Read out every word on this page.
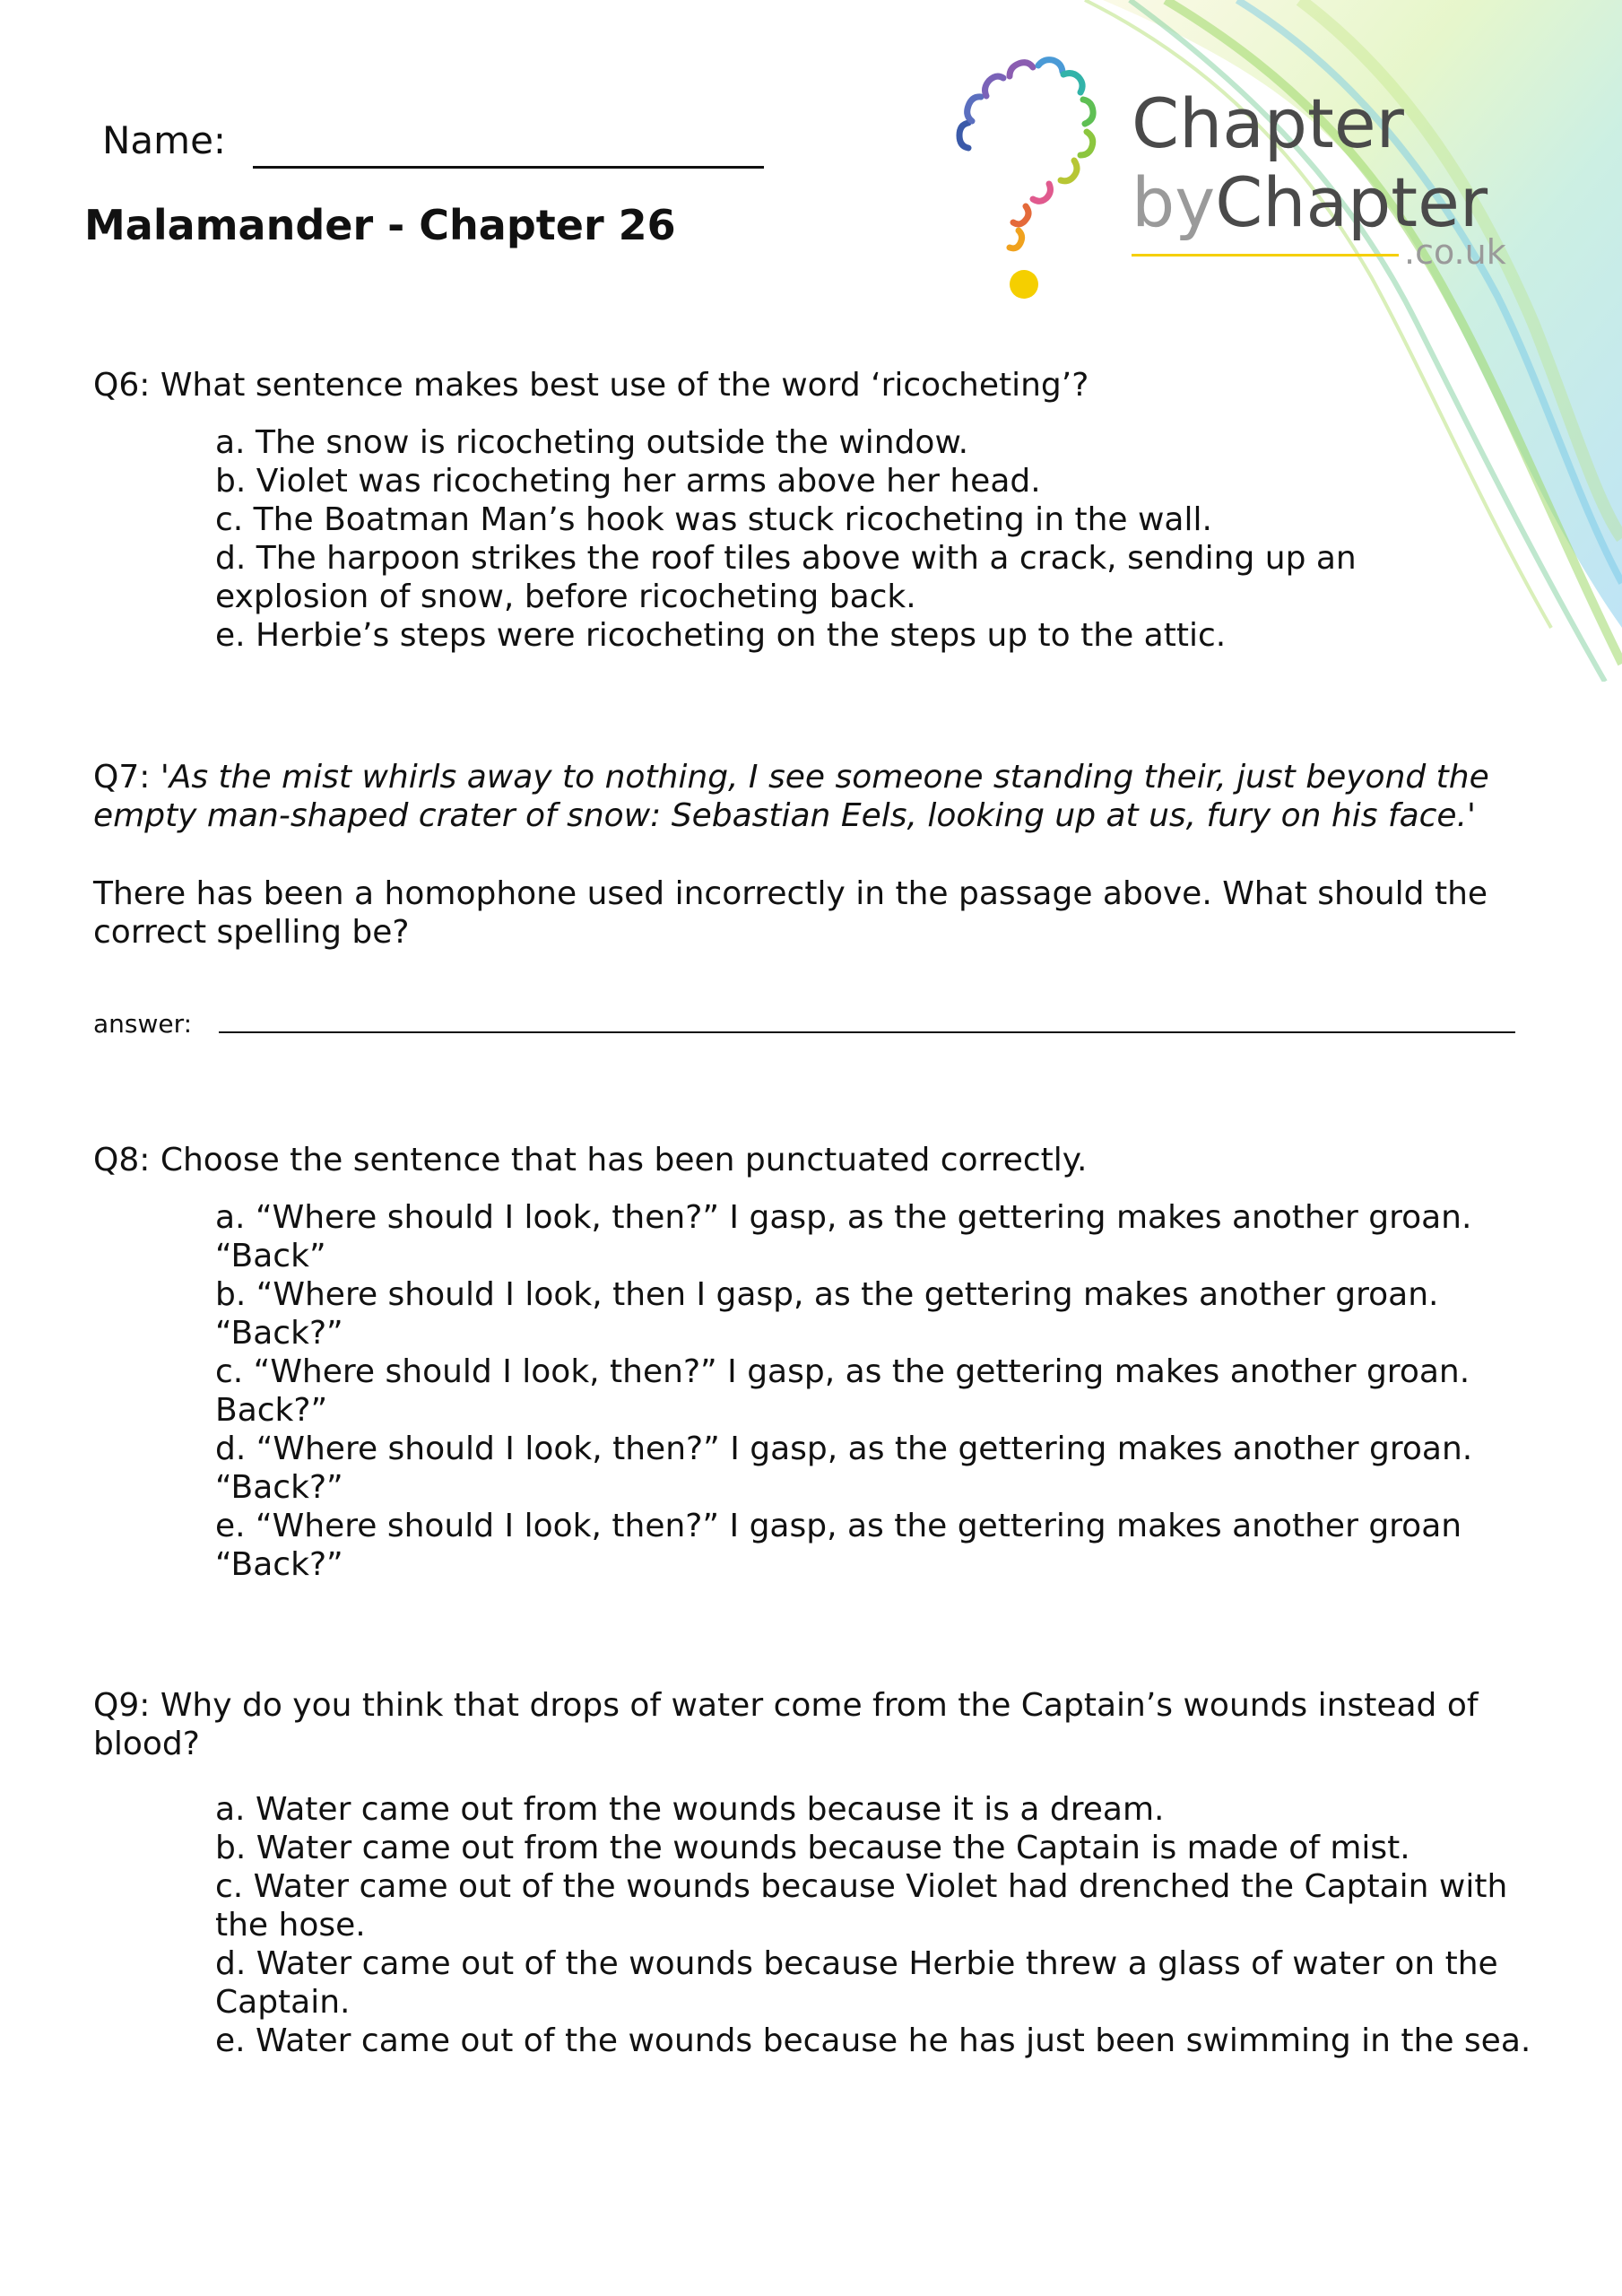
Name:
Malamander - Chapter 26
Chapter
byChapter
.co.uk
Q6: What sentence makes best use of the word ‘ricocheting’?
a. The snow is ricocheting outside the window.
b. Violet was ricocheting her arms above her head.
c. The Boatman Man’s hook was stuck ricocheting in the wall.
d. The harpoon strikes the roof tiles above with a crack, sending up an explosion of snow, before ricocheting back.
e. Herbie’s steps were ricocheting on the steps up to the attic.
Q7: 'As the mist whirls away to nothing, I see someone standing their, just beyond the empty man-shaped crater of snow: Sebastian Eels, looking up at us, fury on his face.'
There has been a homophone used incorrectly in the passage above. What should the correct spelling be?
answer:
Q8: Choose the sentence that has been punctuated correctly.
a. “Where should I look, then?” I gasp, as the gettering makes another groan. “Back”
b. “Where should I look, then I gasp, as the gettering makes another groan. “Back?”
c. “Where should I look, then?” I gasp, as the gettering makes another groan. Back?”
d. “Where should I look, then?” I gasp, as the gettering makes another groan. “Back?”
e. “Where should I look, then?” I gasp, as the gettering makes another groan “Back?”
Q9: Why do you think that drops of water come from the Captain’s wounds instead of blood?
a. Water came out from the wounds because it is a dream.
b. Water came out from the wounds because the Captain is made of mist.
c. Water came out of the wounds because Violet had drenched the Captain with the hose.
d. Water came out of the wounds because Herbie threw a glass of water on the Captain.
e. Water came out of the wounds because he has just been swimming in the sea.
